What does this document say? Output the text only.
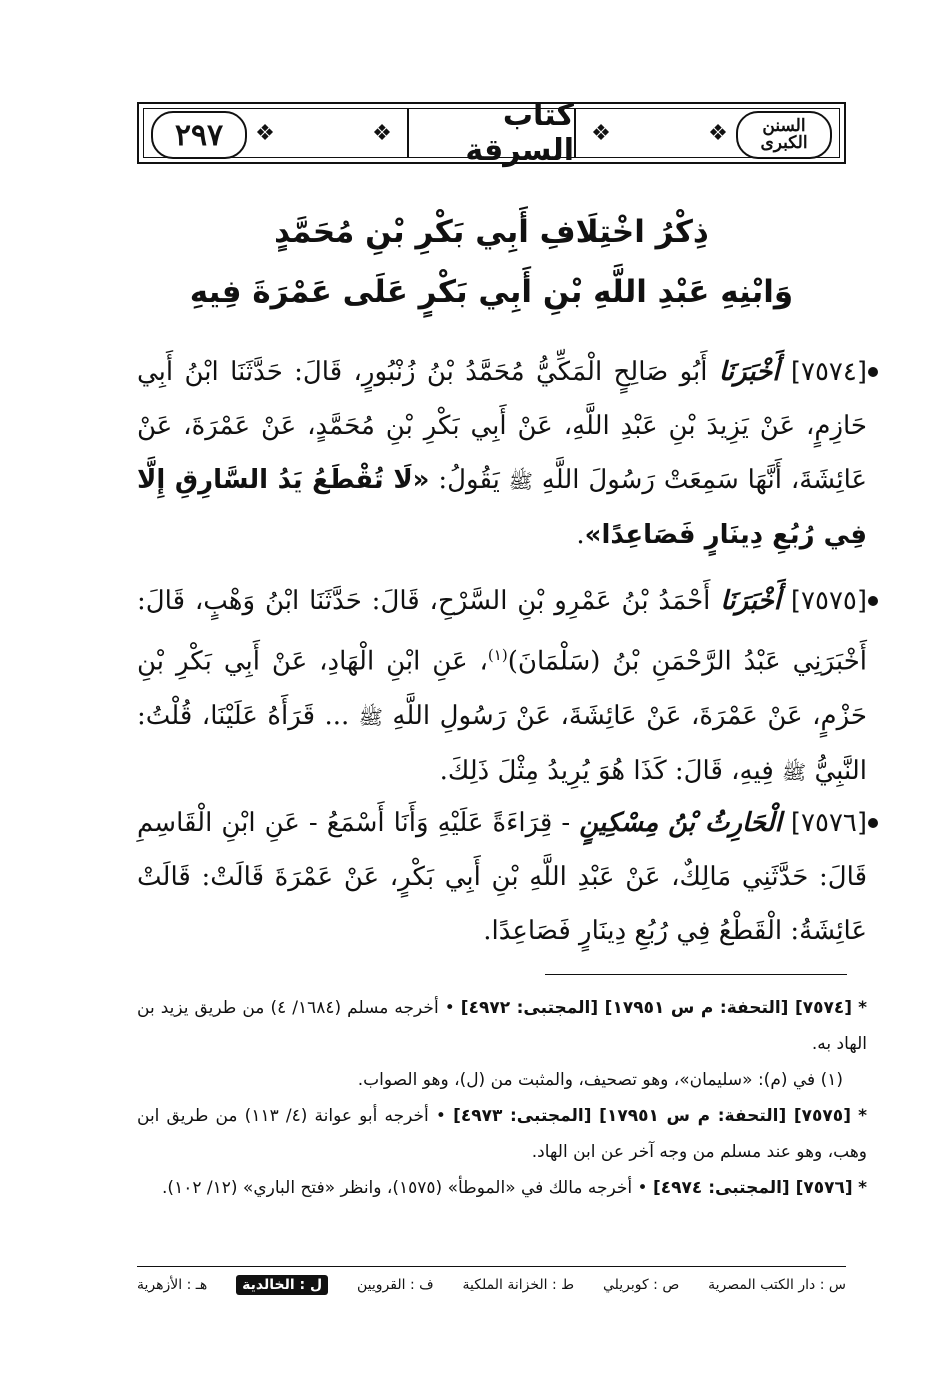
السنن الكبرى
❖
❖
كتاب السرقة
❖
❖
٢٩٧
ذِكْرُ اخْتِلَافِ أَبِي بَكْرِ بْنِ مُحَمَّدٍ
وَابْنِهِ عَبْدِ اللَّهِ بْنِ أَبِي بَكْرٍ عَلَى عَمْرَةَ فِيهِ
[٧٥٧٤] أَخْبَرَنَا أَبُو صَالِحٍ الْمَكِّيُّ مُحَمَّدُ بْنُ زُنْبُورٍ، قَالَ: حَدَّثَنَا ابْنُ أَبِي حَازِمٍ، عَنْ يَزِيدَ بْنِ عَبْدِ اللَّهِ، عَنْ أَبِي بَكْرِ بْنِ مُحَمَّدٍ، عَنْ عَمْرَةَ، عَنْ عَائِشَةَ، أَنَّهَا سَمِعَتْ رَسُولَ اللَّهِ ﷺ يَقُولُ: «لَا تُقْطَعُ يَدُ السَّارِقِ إِلَّا فِي رُبُعِ دِينَارٍ فَصَاعِدًا».
[٧٥٧٥] أَخْبَرَنَا أَحْمَدُ بْنُ عَمْرِو بْنِ السَّرْحِ، قَالَ: حَدَّثَنَا ابْنُ وَهْبٍ، قَالَ: أَخْبَرَنِي عَبْدُ الرَّحْمَنِ بْنُ (سَلْمَانَ)$^{(١)}$، عَنِ ابْنِ الْهَادِ، عَنْ أَبِي بَكْرِ بْنِ حَزْمٍ، عَنْ عَمْرَةَ، عَنْ عَائِشَةَ، عَنْ رَسُولِ اللَّهِ ﷺ ... قَرَأَهُ عَلَيْنَا، قُلْتُ: النَّبِيُّ ﷺ فِيهِ، قَالَ: كَذَا هُوَ يُرِيدُ مِثْلَ ذَلِكَ.
[٧٥٧٦] الْحَارِثُ بْنُ مِسْكِينٍ - قِرَاءَةً عَلَيْهِ وَأَنَا أَسْمَعُ - عَنِ ابْنِ الْقَاسِمِ قَالَ: حَدَّثَنِي مَالِكٌ، عَنْ عَبْدِ اللَّهِ بْنِ أَبِي بَكْرٍ، عَنْ عَمْرَةَ قَالَتْ: قَالَتْ عَائِشَةُ: الْقَطْعُ فِي رُبُعِ دِينَارٍ فَصَاعِدًا.
* [٧٥٧٤] [التحفة: م س ١٧٩٥١] [المجتبى: ٤٩٧٢] • أخرجه مسلم (١٦٨٤/ ٤) من طريق يزيد بن الهاد به.
(١) في (م): «سليمان»، وهو تصحيف، والمثبت من (ل)، وهو الصواب.
* [٧٥٧٥] [التحفة: م س ١٧٩٥١] [المجتبى: ٤٩٧٣] • أخرجه أبو عوانة (٤/ ١١٣) من طريق ابن وهب، وهو عند مسلم من وجه آخر عن ابن الهاد.
* [٧٥٧٦] [المجتبى: ٤٩٧٤] • أخرجه مالك في «الموطأ» (١٥٧٥)، وانظر «فتح الباري» (١٢/ ١٠٢).
س : دار الكتب المصرية
ص : كوبريلي
ط : الخزانة الملكية
ف : القرويين
ل : الخالدية
هـ : الأزهرية
